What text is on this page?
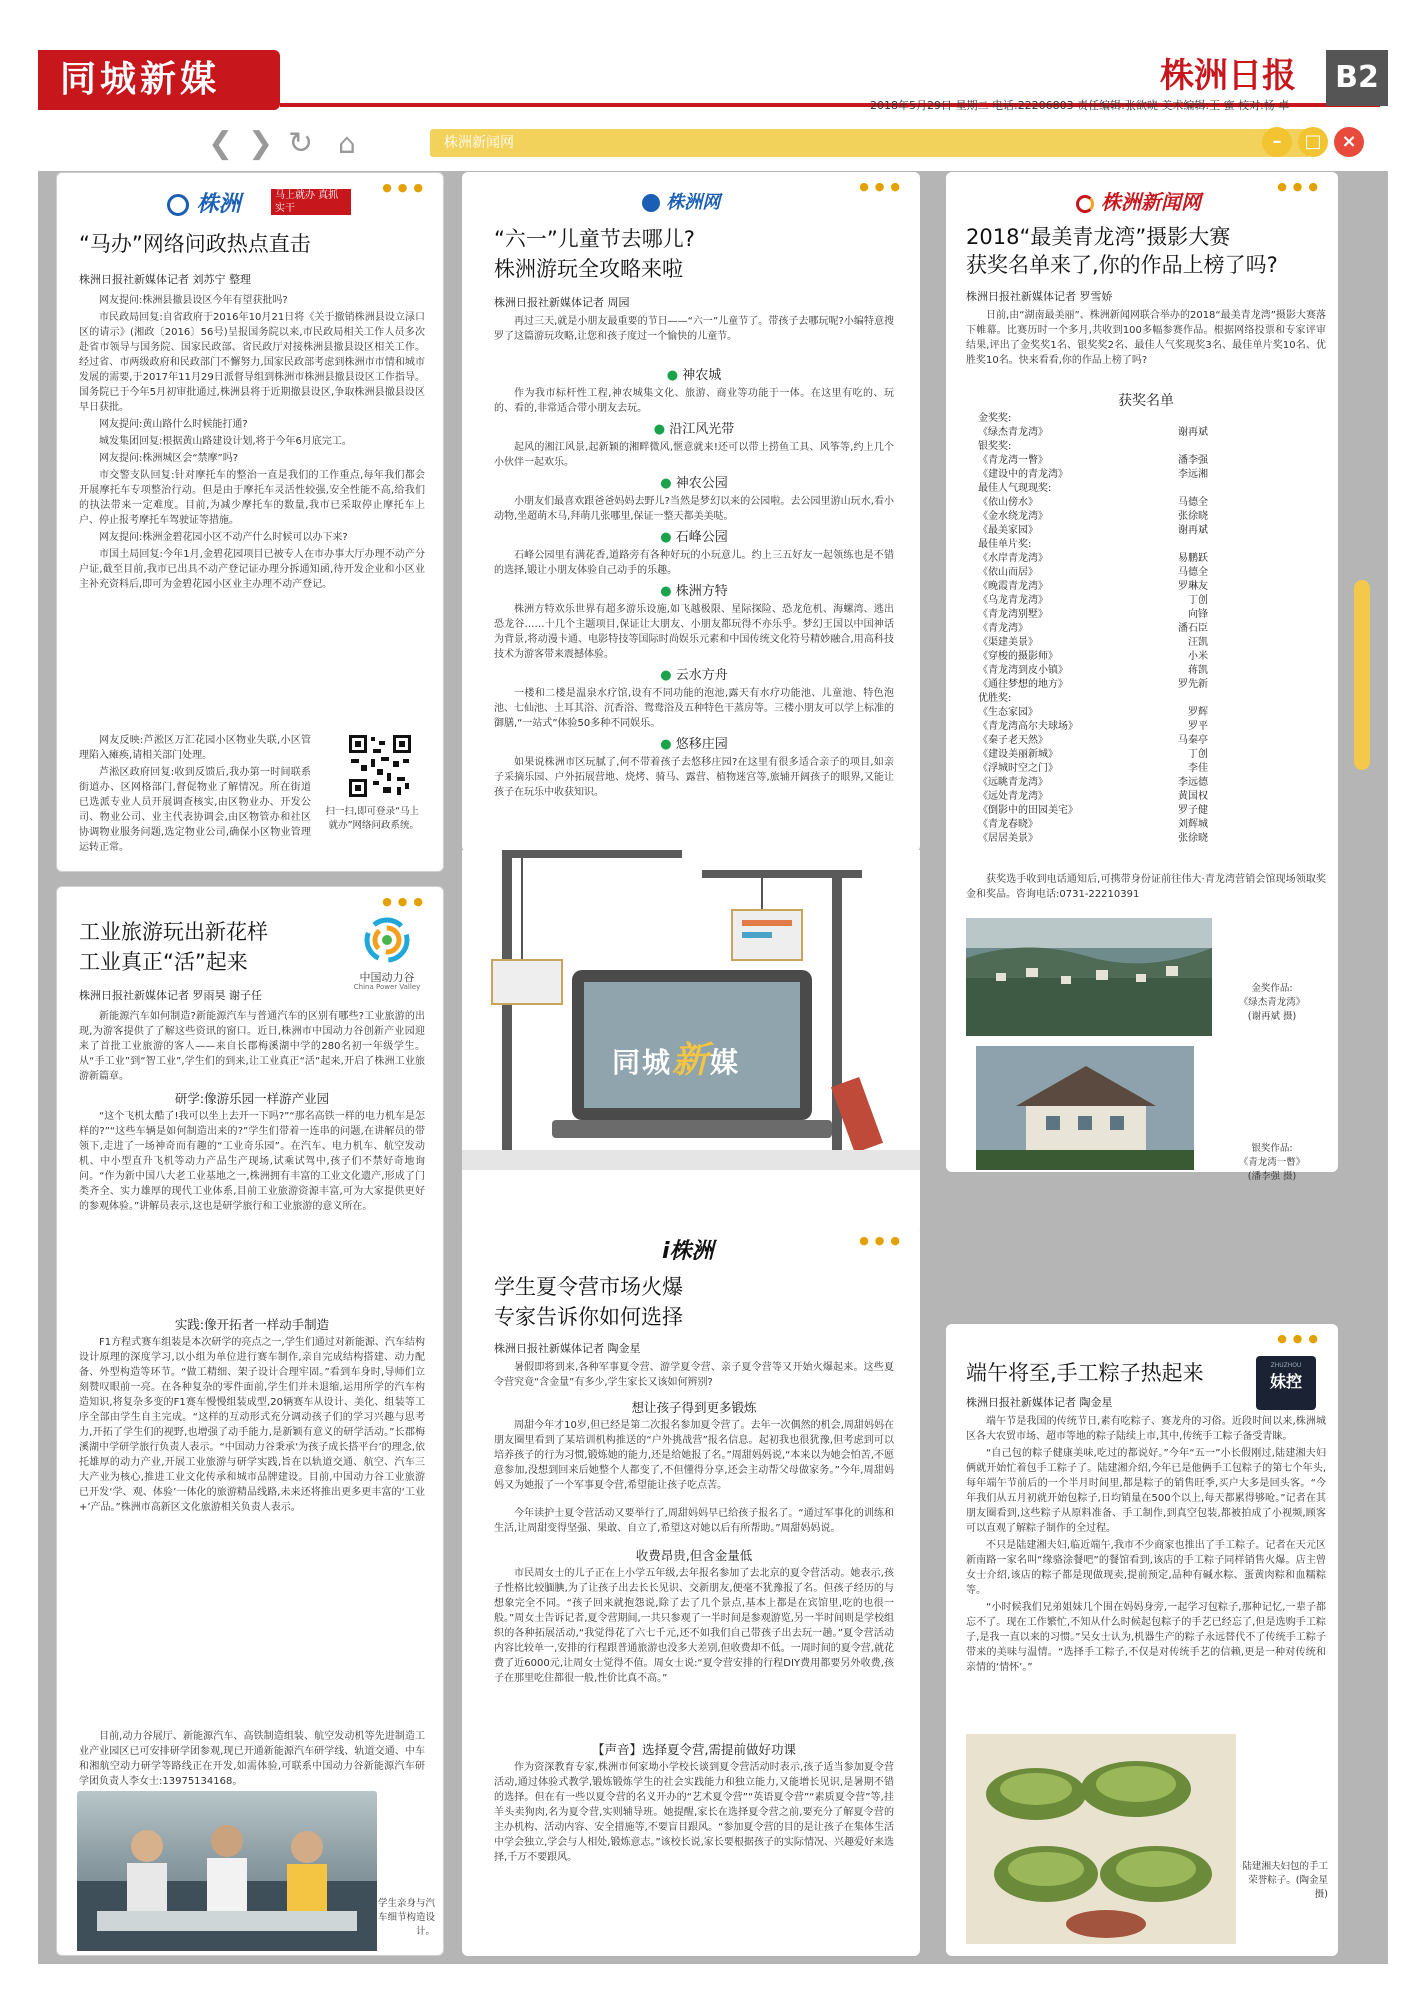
同城新媒	株洲日报	B2
2018年5月29日 星期二 电话:22206803 责任编辑:张欲晓 美术编辑:王 蜜 校对:杨 卓
❮ ❯ ↻ ⌂	株洲新闻网	–	□	×
●●●
株洲	马上就办 真抓实干
“马办”网络问政热点直击
株洲日报社新媒体记者 刘苏宁 整理

网友提问:株洲县撤县设区今年有望获批吗?

市民政局回复:自省政府于2016年10月21日将《关于撤销株洲县设立渌口区的请示》(湘政〔2016〕56号)呈报国务院以来,市民政局相关工作人员多次赴省市领导与国务院、国家民政部、省民政厅对接株洲县撤县设区相关工作。经过省、市两级政府和民政部门不懈努力,国家民政部考虑到株洲市市情和城市发展的需要,于2017年11月29日派督导组到株洲市株洲县撤县设区工作指导。国务院已于今年5月初审批通过,株洲县将于近期撤县设区,争取株洲县撤县设区早日获批。

网友提问:黄山路什么时候能打通?

城发集团回复:根据黄山路建设计划,将于今年6月底完工。

网友提问:株洲城区会“禁摩”吗?

市交警支队回复:针对摩托车的整治一直是我们的工作重点,每年我们都会开展摩托车专项整治行动。但是由于摩托车灵活性较强,安全性能不高,给我们的执法带来一定难度。目前,为减少摩托车的数量,我市已采取停止摩托车上户、停止报考摩托车驾驶证等措施。

网友提问:株洲金碧花园小区不动产什么时候可以办下来?

市国土局回复:今年1月,金碧花园项目已被专人在市办事大厅办理不动产分户证,截至目前,我市已出具不动产登记证办理分拆通知函,待开发企业和小区业主补充资料后,即可为金碧花园小区业主办理不动产登记。

网友反映:芦淞区万汇花园小区物业失联,小区管理陷入瘫痪,请相关部门处理。

芦淞区政府回复:收到反馈后,我办第一时间联系街道办、区网格部门,督促物业了解情况。所在街道已选派专业人员开展调查核实,由区物业办、开发公司、物业公司、业主代表协调会,由区物管办和社区协调物业服务问题,选定物业公司,确保小区物业管理运转正常。

扫一扫,即可登录“马上就办”网络问政系统。
●●●
工业旅游玩出新花样
工业真正“活”起来
中国动力谷
China Power Valley
株洲日报社新媒体记者 罗雨昊 谢子任

新能源汽车如何制造?新能源汽车与普通汽车的区别有哪些?工业旅游的出现,为游客提供了了解这些资讯的窗口。近日,株洲市中国动力谷创新产业园迎来了首批工业旅游的客人——来自长郡梅溪湖中学的280名初一年级学生。从“手工业”到“智工业”,学生们的到来,让工业真正“活”起来,开启了株洲工业旅游新篇章。

研学:像游乐园一样游产业园

“这个飞机太酷了!我可以坐上去开一下吗?”“那名高铁一样的电力机车是怎样的?”“这些车辆是如何制造出来的?”学生们带着一连串的问题,在讲解员的带领下,走进了一场神奇而有趣的“工业奇乐园”。在汽车、电力机车、航空发动机、中小型直升飞机等动力产品生产现场,试乘试驾中,孩子们不禁好奇地询问。“作为新中国八大老工业基地之一,株洲拥有丰富的工业文化遗产,形成了门类齐全、实力雄厚的现代工业体系,目前工业旅游资源丰富,可为大家提供更好的参观体验。”讲解员表示,这也是研学旅行和工业旅游的意义所在。

实践:像开拓者一样动手制造

F1方程式赛车组装是本次研学的亮点之一,学生们通过对新能源、汽车结构设计原理的深度学习,以小组为单位进行赛车制作,亲自完成结构搭建、动力配备、外型构造等环节。“做工精细、架子设计合理牢固。”看到车身时,导师们立刻赞叹眼前一亮。在各种复杂的零件面前,学生们并未退缩,运用所学的汽车构造知识,将复杂多变的F1赛车慢慢组装成型,20辆赛车从设计、美化、组装等工序全部由学生自主完成。“这样的互动形式充分调动孩子们的学习兴趣与思考力,开拓了学生们的视野,也增强了动手能力,是新颖有意义的研学活动。”长郡梅溪湖中学研学旅行负责人表示。“中国动力谷秉承‘为孩子成长搭平台’的理念,依托雄厚的动力产业,开展工业旅游与研学实践,旨在以轨道交通、航空、汽车三大产业为核心,推进工业文化传承和城市品牌建设。目前,中国动力谷工业旅游已开发‘学、观、体验’一体化的旅游精品线路,未来还将推出更多更丰富的‘工业+’产品。”株洲市高新区文化旅游相关负责人表示。

目前,动力谷展厅、新能源汽车、高铁制造组装、航空发动机等先进制造工业产业园区已可安排研学团参观,现已开通新能源汽车研学线、轨道交通、中车和湘航空动力研学等路线正在开发,如需体验,可联系中国动力谷新能源汽车研学团负责人李女士:13975134168。

学生亲身与汽车细节构造设计。
●●●
株洲网
“六一”儿童节去哪儿?
株洲游玩全攻略来啦
株洲日报社新媒体记者 周园

再过三天,就是小朋友最重要的节日——“六一”儿童节了。带孩子去哪玩呢?小编特意搜罗了这篇游玩攻略,让您和孩子度过一个愉快的儿童节。

● 神农城

作为我市标杆性工程,神农城集文化、旅游、商业等功能于一体。在这里有吃的、玩的、看的,非常适合带小朋友去玩。

● 沿江风光带

起风的湘江风景,起新颖的湘畔微风,惬意就来!还可以带上捞鱼工具、风筝等,约上几个小伙伴一起欢乐。

● 神农公园

小朋友们最喜欢跟爸爸妈妈去野儿?当然是梦幻以来的公园啦。去公园里游山玩水,看小动物,坐超萌木马,拜萌几张哪里,保证一整天都美美哒。

● 石峰公园

石峰公园里有满花香,道路旁有各种好玩的小玩意儿。约上三五好友一起领练也是不错的选择,锻让小朋友体验自己动手的乐趣。

● 株洲方特

株洲方特欢乐世界有超多游乐设施,如飞越极限、星际探险、恐龙危机、海螺湾、逃出恐龙谷……十几个主题项目,保证让大朋友、小朋友都玩得不亦乐乎。梦幻王国以中国神话为背景,将动漫卡通、电影特技等国际时尚娱乐元素和中国传统文化符号精妙融合,用高科技技术为游客带来震撼体验。

● 云水方舟

一楼和二楼是温泉水疗馆,设有不同功能的泡池,露天有水疗功能池、儿童池、特色泡池、七仙池、土耳其浴、沉香浴、鸳鸯浴及五种特色干蒸房等。三楼小朋友可以学上标准的御膳,“一站式”体验50多种不同娱乐。

● 悠移庄园

如果说株洲市区玩腻了,何不带着孩子去悠移庄园?在这里有很多适合亲子的项目,如亲子采摘乐园、户外拓展营地、烧烤、骑马、露营、植物迷宫等,旅辅开阔孩子的眼界,又能让孩子在玩乐中收获知识。

同城新媒
●●●
i株洲
学生夏令营市场火爆
专家告诉你如何选择
株洲日报社新媒体记者 陶金星

暑假即将到来,各种军事夏令营、游学夏令营、亲子夏令营等又开始火爆起来。这些夏令营究竟“含金量”有多少,学生家长又该如何辨别?

想让孩子得到更多锻炼

周甜今年才10岁,但已经是第二次报名参加夏令营了。去年一次偶然的机会,周甜妈妈在朋友圈里看到了某培训机构推送的“户外挑战营”报名信息。起初我也很犹豫,但考虑到可以培养孩子的行为习惯,锻炼她的能力,还是给她报了名。”周甜妈妈说,“本来以为她会怕苦,不愿意参加,没想到回来后她整个人都变了,不但懂得分享,还会主动帮父母做家务。”今年,周甜妈妈又为她报了一个军事夏令营,希望能让孩子吃点苦。

今年读护士夏令营活动又要举行了,周甜妈妈早已给孩子报名了。“通过军事化的训练和生活,让周甜变得坚强、果敢、自立了,希望这对她以后有所帮助。”周甜妈妈说。

收费昂贵,但含金量低

市民周女士的儿子正在上小学五年级,去年报名参加了去北京的夏令营活动。她表示,孩子性格比较腼腆,为了让孩子出去长长见识、交新朋友,便毫不犹豫报了名。但孩子经历的与想象完全不同。“孩子回来就抱怨说,除了去了几个景点,基本上都是在宾馆里,吃的也很一般。”周女士告诉记者,夏令营期间,一共只参观了一半时间是参观游览,另一半时间则是学校组织的各种拓展活动,“我觉得花了六七千元,还不如我们自己带孩子出去玩一趟。”夏令营活动内容比较单一,安排的行程跟普通旅游也没多大差别,但收费却不低。一周时间的夏令营,就花费了近6000元,让周女士觉得不值。周女士说:“夏令营安排的行程DIY费用都要另外收费,孩子在那里吃住都很一般,性价比真不高。”

【声音】选择夏令营,需提前做好功课

作为资深教育专家,株洲市何家坳小学校长谈到夏令营活动时表示,孩子适当参加夏令营活动,通过体验式教学,锻炼锻炼学生的社会实践能力和独立能力,又能增长见识,是暑期不错的选择。但在有一些以夏令营的名义开办的“艺术夏令营”“英语夏令营”“素质夏令营”等,挂羊头卖狗肉,名为夏令营,实则辅导班。她提醒,家长在选择夏令营之前,要充分了解夏令营的主办机构、活动内容、安全措施等,不要盲目跟风。“参加夏令营的目的是让孩子在集体生活中学会独立,学会与人相处,锻炼意志。”该校长说,家长要根据孩子的实际情况、兴趣爱好来选择,千万不要跟风。

●●●
株洲新闻网
2018“最美青龙湾”摄影大赛
获奖名单来了,你的作品上榜了吗?
株洲日报社新媒体记者 罗雪娇

日前,由“湖南最美丽”、株洲新闻网联合举办的2018“最美青龙湾”摄影大赛落下帷幕。比赛历时一个多月,共收到100多幅参赛作品。根据网络投票和专家评审结果,评出了金奖奖1名、银奖奖2名、最佳人气奖现奖3名、最佳单片奖10名、优胜奖10名。快来看看,你的作品上榜了吗?

获奖名单
金奖奖:
《绿杰青龙湾》	谢再斌
银奖奖:
《青龙湾一瞥》	潘李强
《建设中的青龙湾》	李远湘
最佳人气现现奖:
《依山傍水》	马德全
《金水绕龙湾》	张徐晓
《最美家园》	谢再斌
最佳单片奖:
《水岸青龙湾》	易鹏跃
《依山而居》	马德全
《晚霞青龙湾》	罗琳友
《乌龙青龙湾》	丁创
《青龙湾别墅》	向锋
《青龙湾》	潘石臣
《渠建美景》	汪凯
《穿梭的摄影师》	小米
《青龙湾到皮小镇》	蒋凯
《通往梦想的地方》	罗先新
优胜奖:
《生态家园》	罗辉
《青龙湾高尔夫球场》	罗平
《秦子老天然》	马秦亭
《建设美丽新城》	丁创
《浮城时空之门》	李佳
《远眺青龙湾》	李远德
《远处青龙湾》	黄国权
《倒影中的田园美宅》	罗子健
《青龙春晓》	刘辉城
《居居美景》	张徐晓

获奖选手收到电话通知后,可携带身份证前往伟大·青龙湾营销会馆现场领取奖金和奖品。咨询电话:0731-22210391

金奖作品:
《绿杰青龙湾》
(谢再斌 摄)
银奖作品:
《青龙湾一瞥》
(潘李强 摄)
●●●
端午将至,手工粽子热起来
株洲日报社新媒体记者 陶金星
ZHUZHOU
妹控

端午节是我国的传统节日,素有吃粽子、赛龙舟的习俗。近段时间以来,株洲城区各大农贸市场、超市等地的粽子陆续上市,其中,传统手工粽子备受青睐。

“自己包的粽子健康美味,吃过的都说好。”今年“五一”小长假刚过,陆建湘夫妇俩就开始忙着包手工粽子了。陆建湘介绍,今年已是他俩手工包粽子的第七个年头,每年端午节前后的一个半月时间里,都是粽子的销售旺季,买户大多是回头客。“今年我们从五月初就开始包粽子,日均销量在500个以上,每天都累得够呛。”记者在其朋友圈看到,这些粽子从原料准备、手工制作,到真空包装,都被拍成了小视频,顾客可以直观了解粽子制作的全过程。

不只是陆建湘夫妇,临近端午,我市不少商家也推出了手工粽子。记者在天元区新南路一家名叫“缘骆涂餐吧”的餐馆看到,该店的手工粽子同样销售火爆。店主曾女士介绍,该店的粽子都是现做现卖,提前预定,品种有碱水粽、蛋黄肉粽和血糯粽等。

“小时候我们兄弟姐妹几个围在妈妈身旁,一起学习包粽子,那种记忆,一辈子都忘不了。现在工作繁忙,不知从什么时候起包粽子的手艺已经忘了,但是选购手工粽子,是我一直以来的习惯。”吴女士认为,机器生产的粽子永远替代不了传统手工粽子带来的美味与温情。“选择手工粽子,不仅是对传统手艺的信赖,更是一种对传统和亲情的‘情怀’。”

陆建湘夫妇包的手工荣誉粽子。(陶金星 摄)
